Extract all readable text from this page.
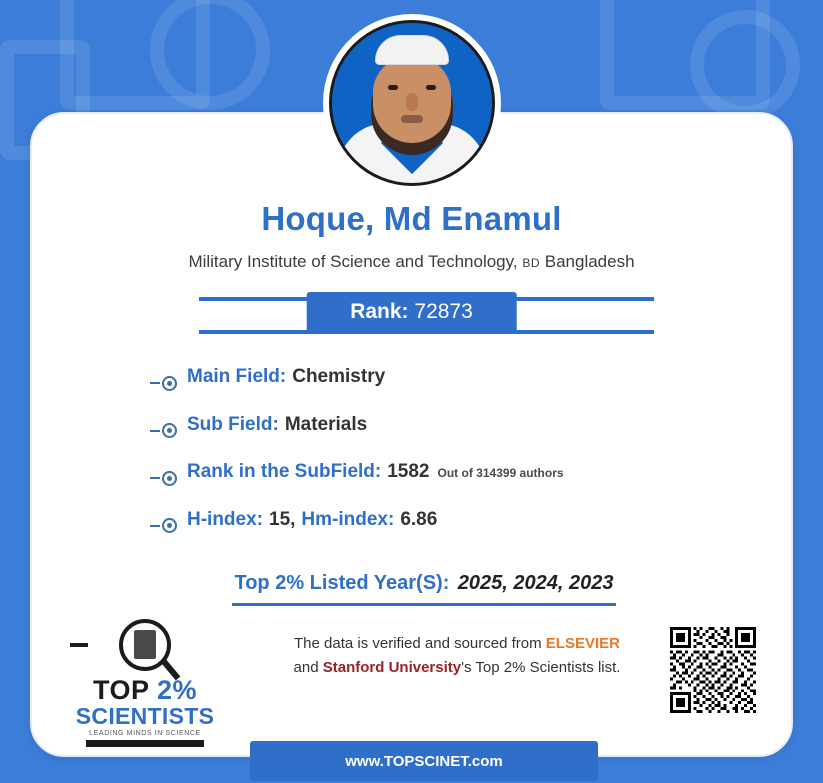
Hoque, Md Enamul
Military Institute of Science and Technology, BD Bangladesh
Rank: 72873
Main Field: Chemistry
Sub Field: Materials
Rank in the SubField: 1582 Out of 314399 authors
H-index: 15, Hm-index: 6.86
Top 2% Listed Year(S): 2025, 2024, 2023
TOP 2%
SCIENTISTS
LEADING MINDS IN SCIENCE
The data is verified and sourced from ELSEVIER
and Stanford University's Top 2% Scientists list.
www.TOPSCINET.com
